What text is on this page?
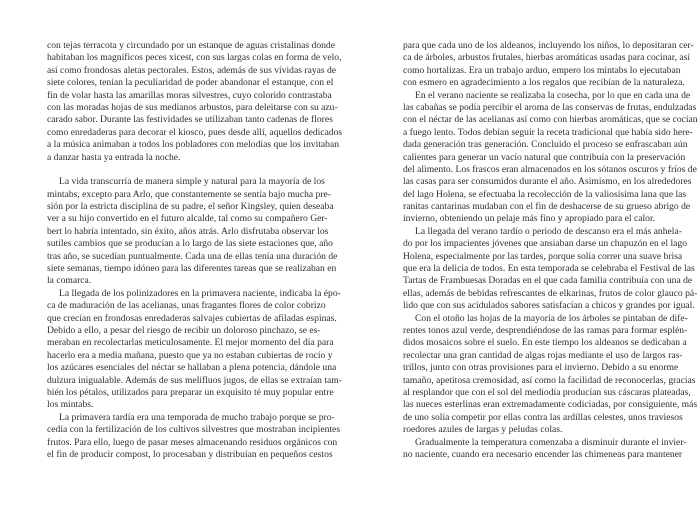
con tejas terracota y circundado por un estanque de aguas cristalinas donde
habitaban los magníficos peces xicest, con sus largas colas en forma de velo,
así como frondosas aletas pectorales. Estos, además de sus vívidas rayas de
siete colores, tenían la peculiaridad de poder abandonar el estanque, con el
fin de volar hasta las amarillas moras silvestres, cuyo colorido contrastaba
con las moradas hojas de sus medianos arbustos, para deleitarse con su azu-
carado sabor. Durante las festividades se utilizaban tanto cadenas de flores
como enredaderas para decorar el kiosco, pues desde allí, aquellos dedicados
a la música animaban a todos los pobladores con melodías que los invitaban
a danzar hasta ya entrada la noche.
La vida transcurría de manera simple y natural para la mayoría de los
mintabs, excepto para Arlo, que constantemente se sentía bajo mucha pre-
sión por la estricta disciplina de su padre, el señor Kingsley, quien deseaba
ver a su hijo convertido en el futuro alcalde, tal como su compañero Ger-
bert lo habría intentado, sin éxito, años atrás. Arlo disfrutaba observar los
sutiles cambios que se producían a lo largo de las siete estaciones que, año
tras año, se sucedían puntualmente. Cada una de ellas tenía una duración de
siete semanas, tiempo idóneo para las diferentes tareas que se realizaban en
la comarca.
La llegada de los polinizadores en la primavera naciente, indicaba la épo-
ca de maduración de las acelianas, unas fragantes flores de color cobrizo
que crecían en frondosas enredaderas salvajes cubiertas de afiladas espinas.
Debido a ello, a pesar del riesgo de recibir un doloroso pinchazo, se es-
meraban en recolectarlas meticulosamente. El mejor momento del día para
hacerlo era a media mañana, puesto que ya no estaban cubiertas de rocío y
los azúcares esenciales del néctar se hallaban a plena potencia, dándole una
dulzura inigualable. Además de sus melifluos jugos, de ellas se extraían tam-
bién los pétalos, utilizados para preparar un exquisito té muy popular entre
los mintabs.
La primavera tardía era una temporada de mucho trabajo porque se pro-
cedía con la fertilización de los cultivos silvestres que mostraban incipientes
frutos. Para ello, luego de pasar meses almacenando residuos orgánicos con
el fin de producir compost, lo procesaban y distribuían en pequeños cestos
para que cada uno de los aldeanos, incluyendo los niños, lo depositaran cer-
ca de árboles, arbustos frutales, hierbas aromáticas usadas para cocinar, así
como hortalizas. Era un trabajo arduo, empero los mintabs lo ejecutaban
con esmero en agradecimiento a los regalos que recibían de la naturaleza.
En el verano naciente se realizaba la cosecha, por lo que en cada una de
las cabañas se podía percibir el aroma de las conservas de frutas, endulzadas
con el néctar de las acelianas así como con hierbas aromáticas, que se cocían
a fuego lento. Todos debían seguir la receta tradicional que había sido here-
dada generación tras generación. Concluido el proceso se enfrascaban aún
calientes para generar un vacío natural que contribuía con la preservación
del alimento. Los frascos eran almacenados en los sótanos oscuros y fríos de
las casas para ser consumidos durante el año. Asimismo, en los alrededores
del lago Holena, se efectuaba la recolección de la valiosísima lana que las
ranitas cantarinas mudaban con el fin de deshacerse de su grueso abrigo de
invierno, obteniendo un pelaje más fino y apropiado para el calor.
La llegada del verano tardío o periodo de descanso era el más anhela-
do por los impacientes jóvenes que ansiaban darse un chapuzón en el lago
Holena, especialmente por las tardes, porque solía correr una suave brisa
que era la delicia de todos. En esta temporada se celebraba el Festival de las
Tartas de Frambuesas Doradas en el que cada familia contribuía con una de
ellas, además de bebidas refrescantes de elkarinas, frutos de color glauco pá-
lido que con sus acidulados sabores satisfacían a chicos y grandes por igual.
Con el otoño las hojas de la mayoría de los árboles se pintaban de dife-
rentes tonos azul verde, desprendiéndose de las ramas para formar esplén-
didos mosaicos sobre el suelo. En este tiempo los aldeanos se dedicaban a
recolectar una gran cantidad de algas rojas mediante el uso de largos ras-
trillos, junto con otras provisiones para el invierno. Debido a su enorme
tamaño, apetitosa cremosidad, así como la facilidad de reconocerlas, gracias
al resplandor que con el sol del mediodía producían sus cáscaras plateadas,
las nueces esterlinas eran extremadamente codiciadas, por consiguiente, más
de uno solía competir por ellas contra las ardillas celestes, unos traviesos
roedores azules de largas y peludas colas.
Gradualmente la temperatura comenzaba a disminuir durante el invier-
no naciente, cuando era necesario encender las chimeneas para mantener
